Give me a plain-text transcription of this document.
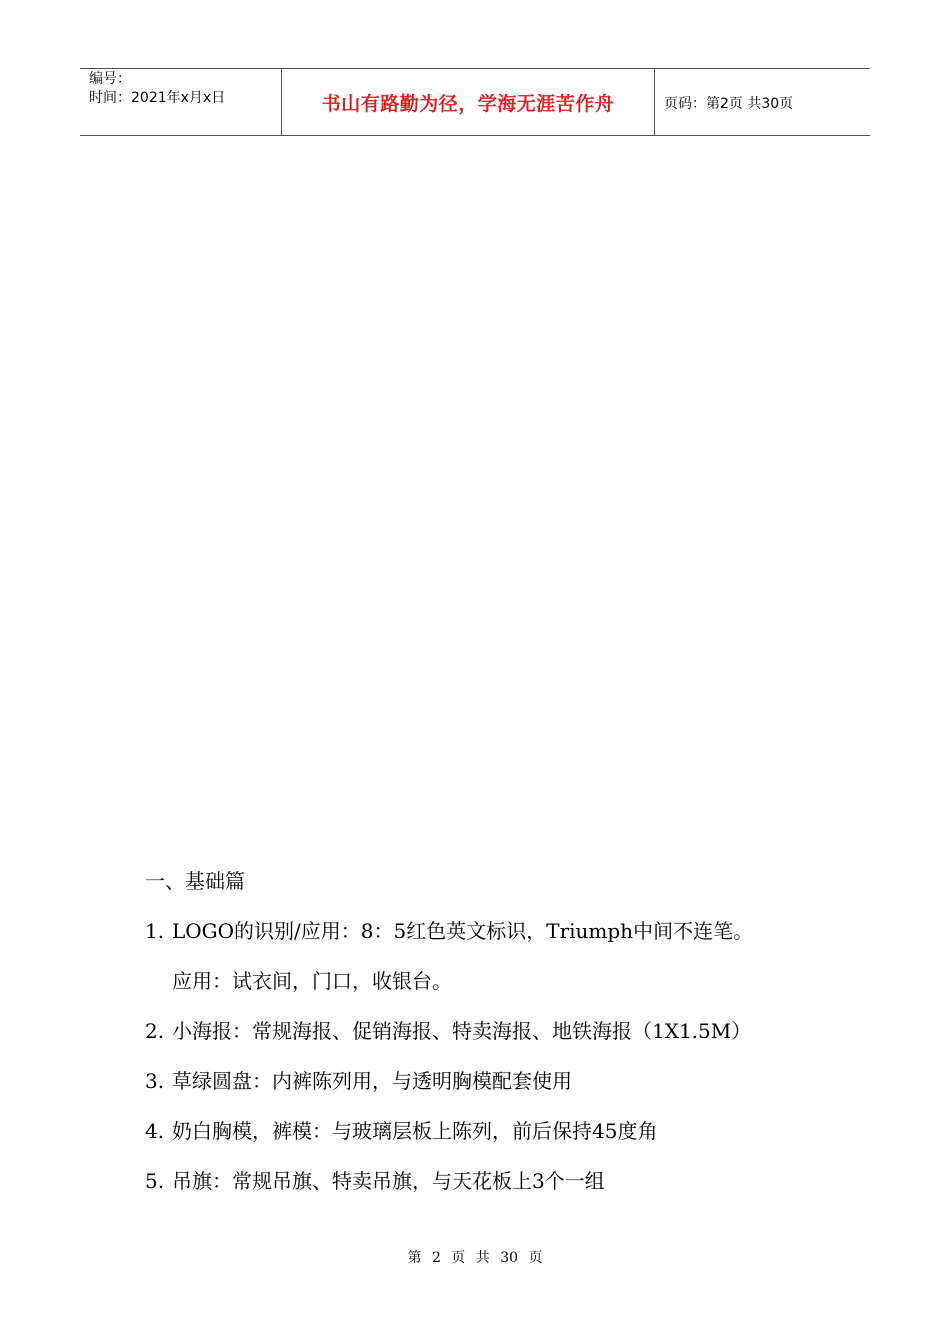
编号：
时间：2021年x月x日	书山有路勤为径，学海无涯苦作舟	页码：第2页 共30页
一、基础篇
1. LOGO的识别/应用：8：5红色英文标识，Triumph中间不连笔。
应用：试衣间，门口，收银台。
2. 小海报：常规海报、促销海报、特卖海报、地铁海报（1X1.5M）
3. 草绿圆盘：内裤陈列用，与透明胸模配套使用
4. 奶白胸模，裤模：与玻璃层板上陈列，前后保持45度角
5. 吊旗：常规吊旗、特卖吊旗，与天花板上3个一组
第 2 页 共 30 页
